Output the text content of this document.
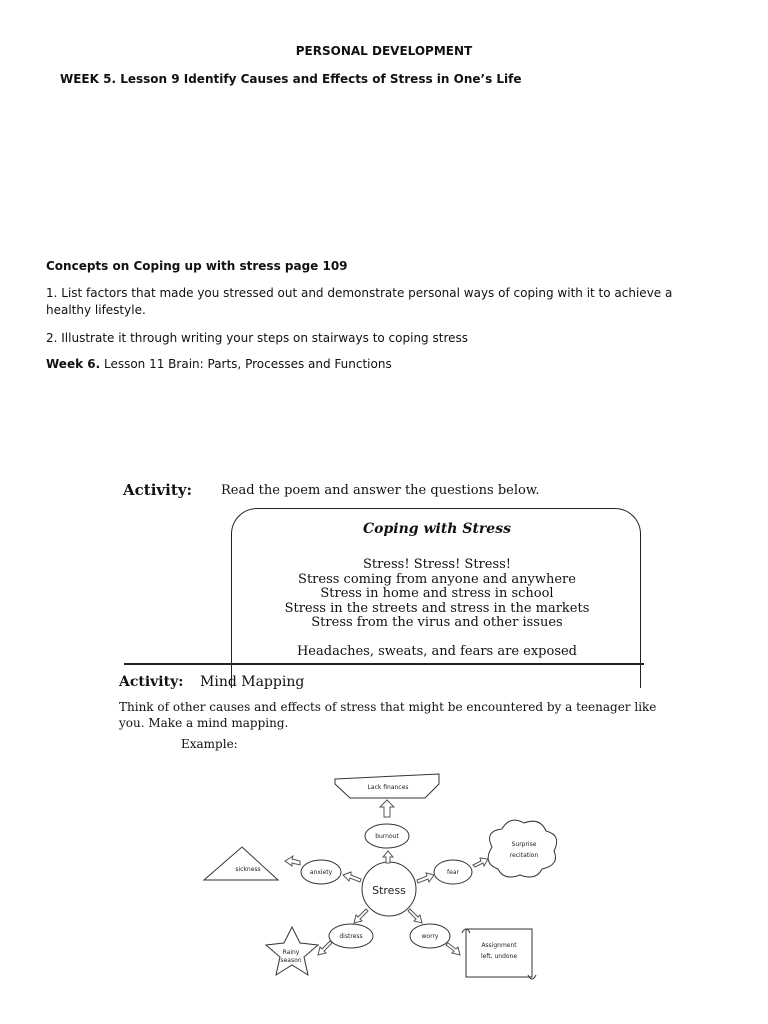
PERSONAL DEVELOPMENT
WEEK 5. Lesson 9 Identify Causes and Effects of Stress in One’s Life
Concepts on Coping up with stress page 109
1. List factors that made you stressed out and demonstrate personal ways of coping with it to achieve a healthy lifestyle.
2. Illustrate it through writing your steps on stairways to coping stress
Week 6. Lesson 11 Brain: Parts, Processes and Functions
Activity: Read the poem and answer the questions below.
Coping with Stress
Stress! Stress! Stress!
Stress coming from anyone and anywhere
Stress in home and stress in school
Stress in the streets and stress in the markets
Stress from the virus and other issues
Headaches, sweats, and fears are exposed
Activity: Mind Mapping
Think of other causes and effects of stress that might be encountered by a teenager like you. Make a mind mapping.
Example:
Lack finances
burnout
anxiety
sickness	fear
Surprise
recitation
Stress
distress
Rainy
season
worry
Assignment
left, undone
